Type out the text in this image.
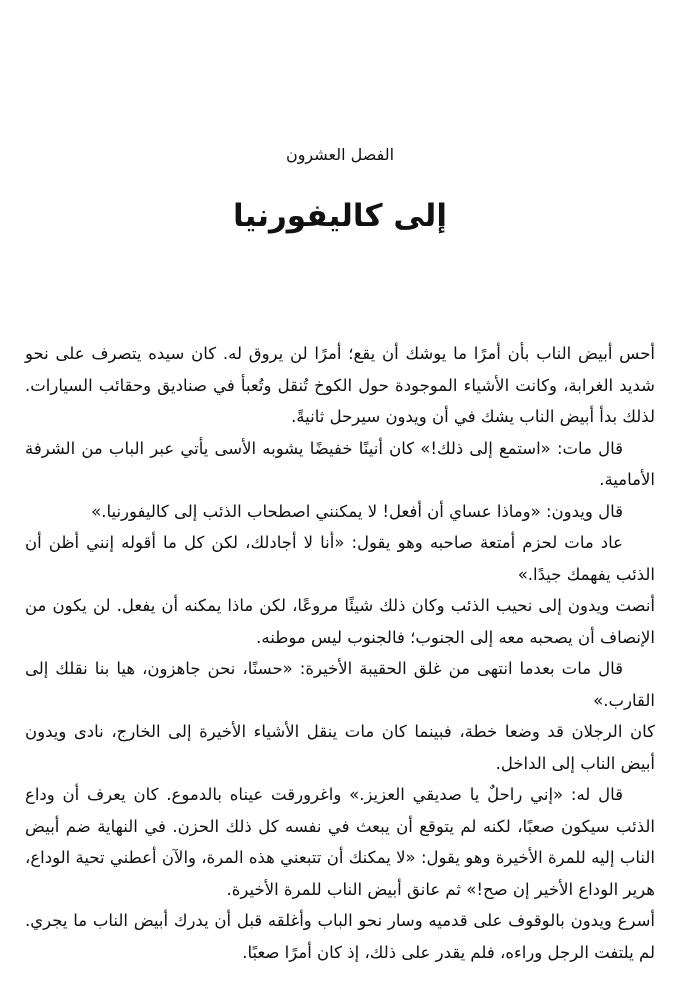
الفصل العشرون
إلى كاليفورنيا

أحس أبيض الناب بأن أمرًا ما يوشك أن يقع؛ أمرًا لن يروق له. كان سيده يتصرف على نحو شديد الغرابة، وكانت الأشياء الموجودة حول الكوخ تُنقل وتُعبأ في صناديق وحقائب السيارات. لذلك بدأ أبيض الناب يشك في أن ويدون سيرحل ثانيةً.

قال مات: «استمع إلى ذلك!» كان أنينًا خفيضًا يشوبه الأسى يأتي عبر الباب من الشرفة الأمامية.

قال ويدون: «وماذا عساي أن أفعل! لا يمكنني اصطحاب الذئب إلى كاليفورنيا.»

عاد مات لحزم أمتعة صاحبه وهو يقول: «أنا لا أجادلك، لكن كل ما أقوله إنني أظن أن الذئب يفهمك جيدًا.»

أنصت ويدون إلى نحيب الذئب وكان ذلك شيئًا مروعًا، لكن ماذا يمكنه أن يفعل. لن يكون من الإنصاف أن يصحبه معه إلى الجنوب؛ فالجنوب ليس موطنه.

قال مات بعدما انتهى من غلق الحقيبة الأخيرة: «حسنًا، نحن جاهزون، هيا بنا نقلك إلى القارب.»

كان الرجلان قد وضعا خطة، فبينما كان مات ينقل الأشياء الأخيرة إلى الخارج، نادى ويدون أبيض الناب إلى الداخل.

قال له: «إني راحلٌ يا صديقي العزيز.» واغرورقت عيناه بالدموع. كان يعرف أن وداع الذئب سيكون صعبًا، لكنه لم يتوقع أن يبعث في نفسه كل ذلك الحزن. في النهاية ضم أبيض الناب إليه للمرة الأخيرة وهو يقول: «لا يمكنك أن تتبعني هذه المرة، والآن أعطني تحية الوداع، هرير الوداع الأخير إن صح!» ثم عانق أبيض الناب للمرة الأخيرة.

أسرع ويدون بالوقوف على قدميه وسار نحو الباب وأغلقه قبل أن يدرك أبيض الناب ما يجري. لم يلتفت الرجل وراءه، فلم يقدر على ذلك، إذ كان أمرًا صعبًا.
